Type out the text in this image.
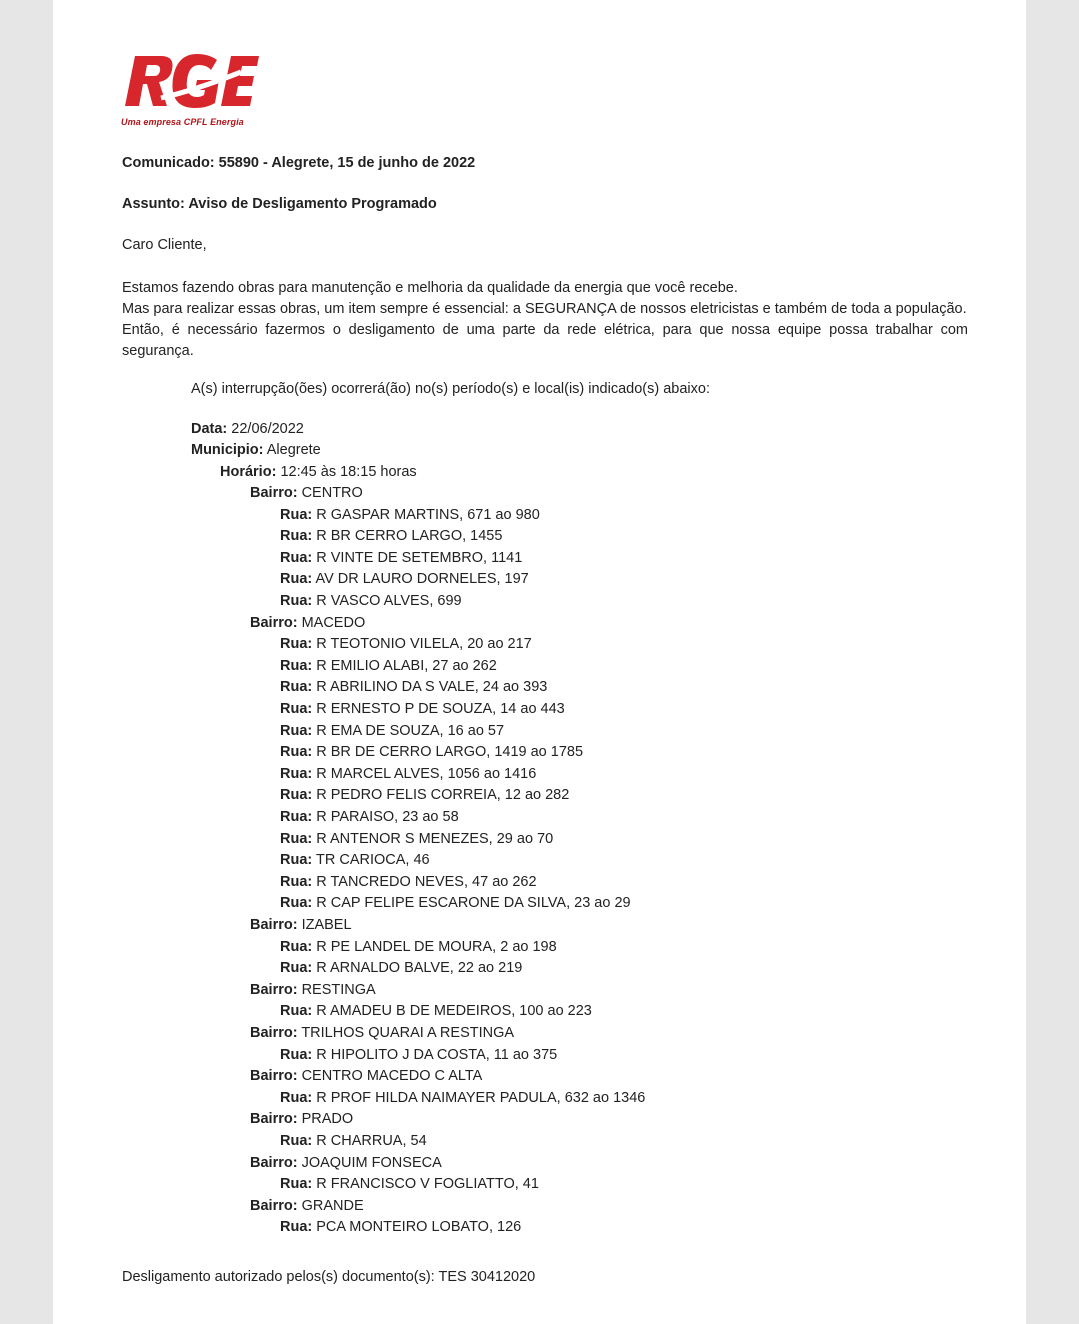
Uma empresa CPFL Energia
Comunicado: 55890 - Alegrete, 15 de junho de 2022
Assunto: Aviso de Desligamento Programado
Caro Cliente,
Estamos fazendo obras para manutenção e melhoria da qualidade da energia que você recebe.
Mas para realizar essas obras, um item sempre é essencial: a SEGURANÇA de nossos eletricistas e também de toda a população.
Então, é necessário fazermos o desligamento de uma parte da rede elétrica, para que nossa equipe possa trabalhar com
segurança.
A(s) interrupção(ões) ocorrerá(ão) no(s) período(s) e local(is) indicado(s) abaixo:
Data: 22/06/2022
Municipio: Alegrete
Horário: 12:45 às 18:15 horas
Bairro: CENTRO
Rua: R GASPAR MARTINS, 671 ao 980
Rua: R BR CERRO LARGO, 1455
Rua: R VINTE DE SETEMBRO, 1141
Rua: AV DR LAURO DORNELES, 197
Rua: R VASCO ALVES, 699
Bairro: MACEDO
Rua: R TEOTONIO VILELA, 20 ao 217
Rua: R EMILIO ALABI, 27 ao 262
Rua: R ABRILINO DA S VALE, 24 ao 393
Rua: R ERNESTO P DE SOUZA, 14 ao 443
Rua: R EMA DE SOUZA, 16 ao 57
Rua: R BR DE CERRO LARGO, 1419 ao 1785
Rua: R MARCEL ALVES, 1056 ao 1416
Rua: R PEDRO FELIS CORREIA, 12 ao 282
Rua: R PARAISO, 23 ao 58
Rua: R ANTENOR S MENEZES, 29 ao 70
Rua: TR CARIOCA, 46
Rua: R TANCREDO NEVES, 47 ao 262
Rua: R CAP FELIPE ESCARONE DA SILVA, 23 ao 29
Bairro: IZABEL
Rua: R PE LANDEL DE MOURA, 2 ao 198
Rua: R ARNALDO BALVE, 22 ao 219
Bairro: RESTINGA
Rua: R AMADEU B DE MEDEIROS, 100 ao 223
Bairro: TRILHOS QUARAI A RESTINGA
Rua: R HIPOLITO J DA COSTA, 11 ao 375
Bairro: CENTRO MACEDO C ALTA
Rua: R PROF HILDA NAIMAYER PADULA, 632 ao 1346
Bairro: PRADO
Rua: R CHARRUA, 54
Bairro: JOAQUIM FONSECA
Rua: R FRANCISCO V FOGLIATTO, 41
Bairro: GRANDE
Rua: PCA MONTEIRO LOBATO, 126
Desligamento autorizado pelos(s) documento(s): TES 30412020
